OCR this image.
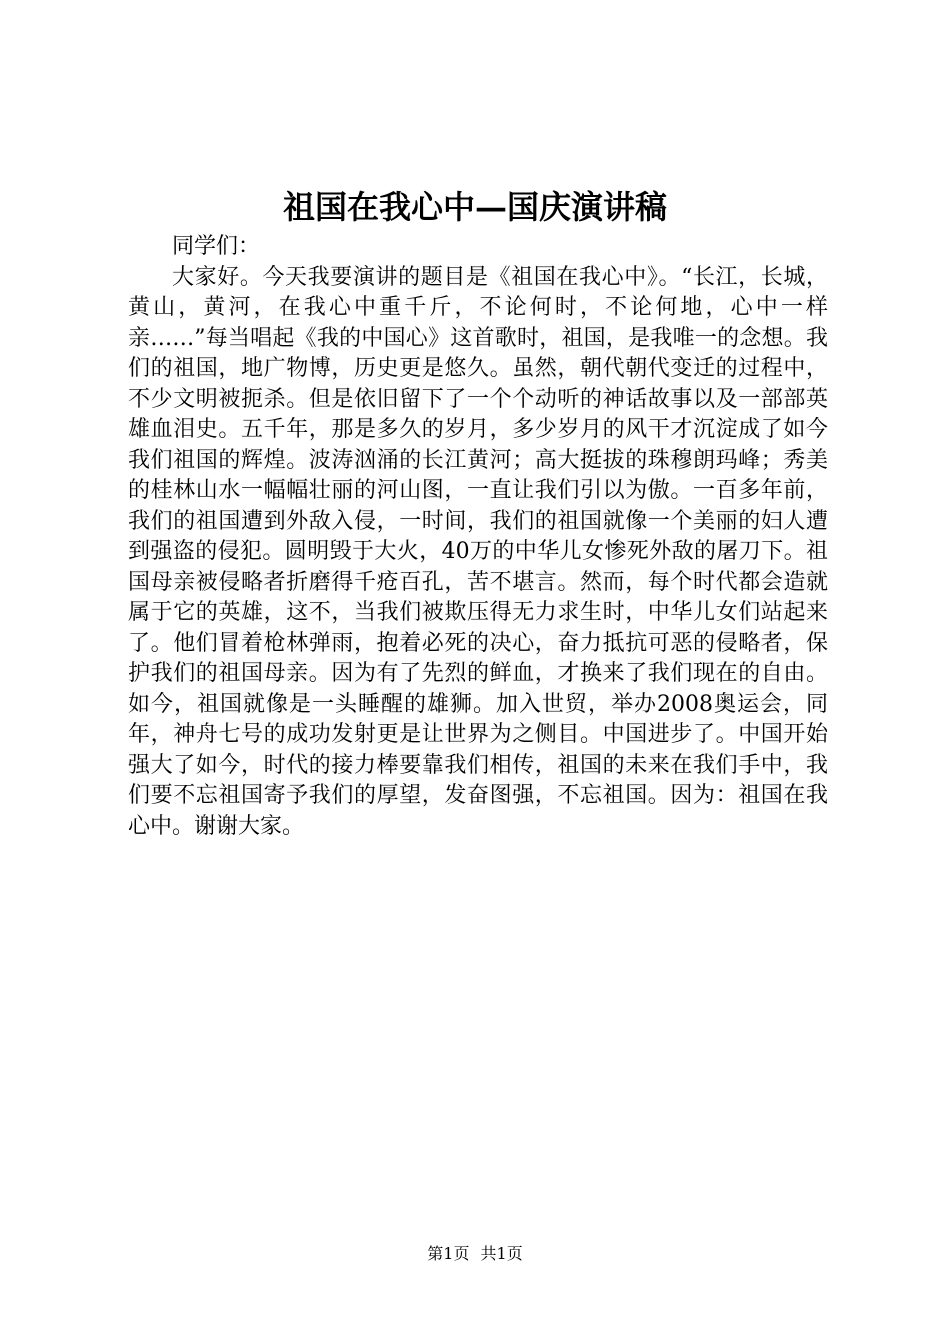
祖国在我心中—国庆演讲稿

同学们：

大家好。今天我要演讲的题目是《祖国在我心中》。“长江，长城，黄山，黄河，在我心中重千斤，不论何时，不论何地，心中一样亲……”每当唱起《我的中国心》这首歌时，祖国，是我唯一的念想。我们的祖国，地广物博，历史更是悠久。虽然，朝代朝代变迁的过程中，不少文明被扼杀。但是依旧留下了一个个动听的神话故事以及一部部英雄血泪史。五千年，那是多久的岁月，多少岁月的风干才沉淀成了如今我们祖国的辉煌。波涛汹涌的长江黄河；高大挺拔的珠穆朗玛峰；秀美的桂林山水一幅幅壮丽的河山图，一直让我们引以为傲。一百多年前，我们的祖国遭到外敌入侵，一时间，我们的祖国就像一个美丽的妇人遭到强盗的侵犯。圆明毁于大火，40万的中华儿女惨死外敌的屠刀下。祖国母亲被侵略者折磨得千疮百孔，苦不堪言。然而，每个时代都会造就属于它的英雄，这不，当我们被欺压得无力求生时，中华儿女们站起来了。他们冒着枪林弹雨，抱着必死的决心，奋力抵抗可恶的侵略者，保护我们的祖国母亲。因为有了先烈的鲜血，才换来了我们现在的自由。如今，祖国就像是一头睡醒的雄狮。加入世贸，举办2008奥运会，同年，神舟七号的成功发射更是让世界为之侧目。中国进步了。中国开始强大了如今，时代的接力棒要靠我们相传，祖国的未来在我们手中，我们要不忘祖国寄予我们的厚望，发奋图强，不忘祖国。因为：祖国在我心中。谢谢大家。

第1页 共1页
